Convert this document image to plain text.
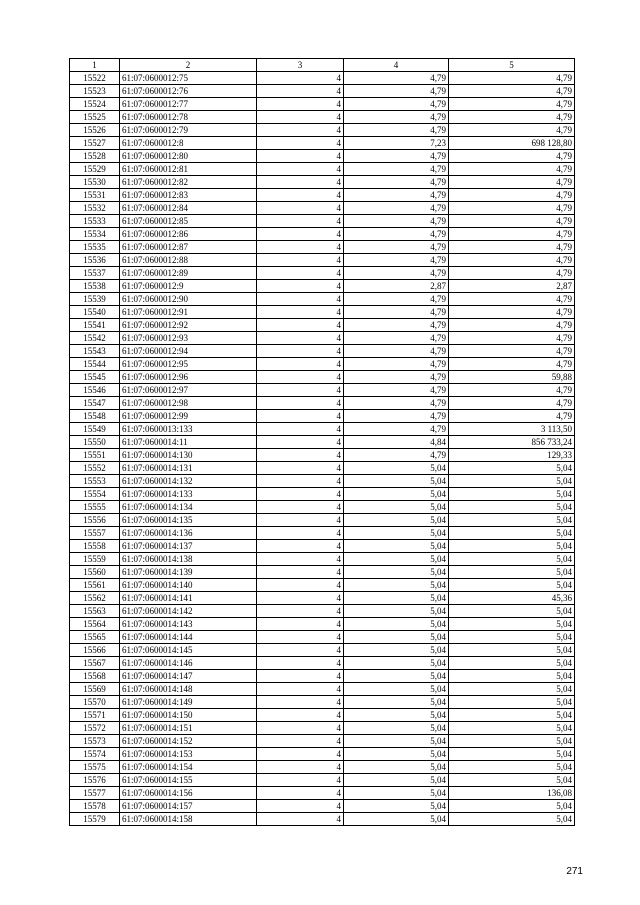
1	2	3	4	5
15522	61:07:0600012:75	4	4,79	4,79
15523	61:07:0600012:76	4	4,79	4,79
15524	61:07:0600012:77	4	4,79	4,79
15525	61:07:0600012:78	4	4,79	4,79
15526	61:07:0600012:79	4	4,79	4,79
15527	61:07:0600012:8	4	7,23	698 128,80
15528	61:07:0600012:80	4	4,79	4,79
15529	61:07:0600012:81	4	4,79	4,79
15530	61:07:0600012:82	4	4,79	4,79
15531	61:07:0600012:83	4	4,79	4,79
15532	61:07:0600012:84	4	4,79	4,79
15533	61:07:0600012:85	4	4,79	4,79
15534	61:07:0600012:86	4	4,79	4,79
15535	61:07:0600012:87	4	4,79	4,79
15536	61:07:0600012:88	4	4,79	4,79
15537	61:07:0600012:89	4	4,79	4,79
15538	61:07:0600012:9	4	2,87	2,87
15539	61:07:0600012:90	4	4,79	4,79
15540	61:07:0600012:91	4	4,79	4,79
15541	61:07:0600012:92	4	4,79	4,79
15542	61:07:0600012:93	4	4,79	4,79
15543	61:07:0600012:94	4	4,79	4,79
15544	61:07:0600012:95	4	4,79	4,79
15545	61:07:0600012:96	4	4,79	59,88
15546	61:07:0600012:97	4	4,79	4,79
15547	61:07:0600012:98	4	4,79	4,79
15548	61:07:0600012:99	4	4,79	4,79
15549	61:07:0600013:133	4	4,79	3 113,50
15550	61:07:0600014:11	4	4,84	856 733,24
15551	61:07:0600014:130	4	4,79	129,33
15552	61:07:0600014:131	4	5,04	5,04
15553	61:07:0600014:132	4	5,04	5,04
15554	61:07:0600014:133	4	5,04	5,04
15555	61:07:0600014:134	4	5,04	5,04
15556	61:07:0600014:135	4	5,04	5,04
15557	61:07:0600014:136	4	5,04	5,04
15558	61:07:0600014:137	4	5,04	5,04
15559	61:07:0600014:138	4	5,04	5,04
15560	61:07:0600014:139	4	5,04	5,04
15561	61:07:0600014:140	4	5,04	5,04
15562	61:07:0600014:141	4	5,04	45,36
15563	61:07:0600014:142	4	5,04	5,04
15564	61:07:0600014:143	4	5,04	5,04
15565	61:07:0600014:144	4	5,04	5,04
15566	61:07:0600014:145	4	5,04	5,04
15567	61:07:0600014:146	4	5,04	5,04
15568	61:07:0600014:147	4	5,04	5,04
15569	61:07:0600014:148	4	5,04	5,04
15570	61:07:0600014:149	4	5,04	5,04
15571	61:07:0600014:150	4	5,04	5,04
15572	61:07:0600014:151	4	5,04	5,04
15573	61:07:0600014:152	4	5,04	5,04
15574	61:07:0600014:153	4	5,04	5,04
15575	61:07:0600014:154	4	5,04	5,04
15576	61:07:0600014:155	4	5,04	5,04
15577	61:07:0600014:156	4	5,04	136,08
15578	61:07:0600014:157	4	5,04	5,04
15579	61:07:0600014:158	4	5,04	5,04
271
